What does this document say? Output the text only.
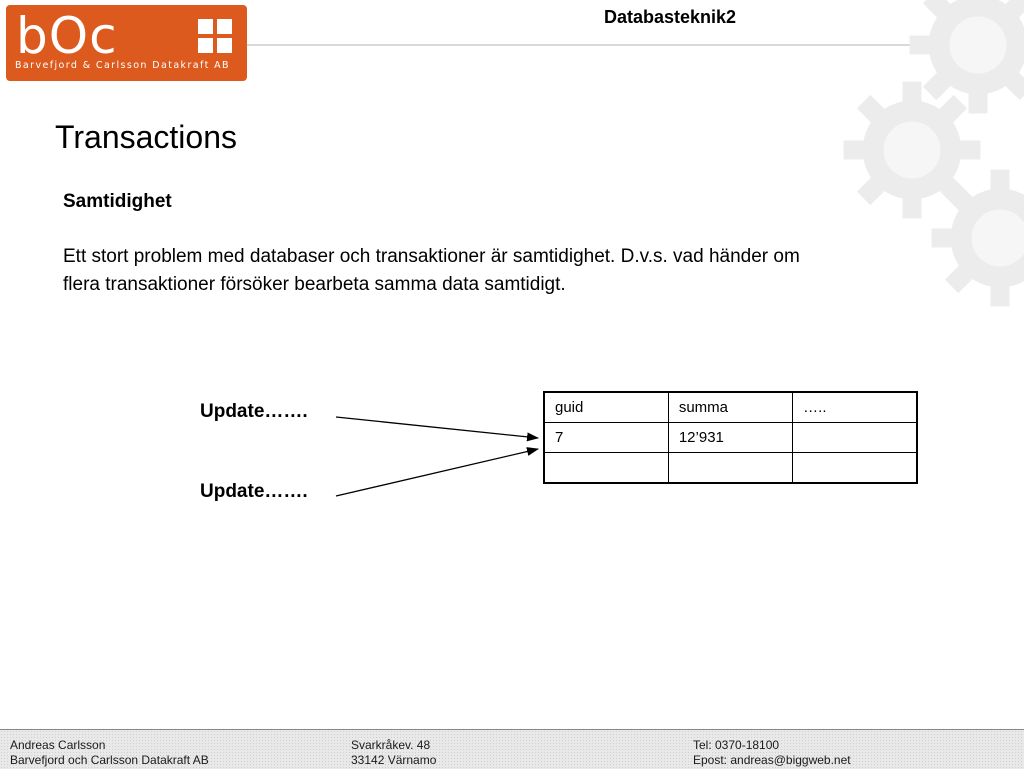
bOc
Barvefjord & Carlsson Datakraft AB
Databasteknik2
Transactions
Samtidighet
Ett stort problem med databaser och transaktioner är samtidighet. D.v.s. vad händer om
flera transaktioner försöker bearbeta samma data samtidigt.
Update…….
Update…….
guid	summa	…..
7	12’931	

Andreas Carlsson
Barvefjord och Carlsson Datakraft AB
Svarkråkev. 48
33142 Värnamo
Tel: 0370-18100
Epost: andreas@biggweb.net
